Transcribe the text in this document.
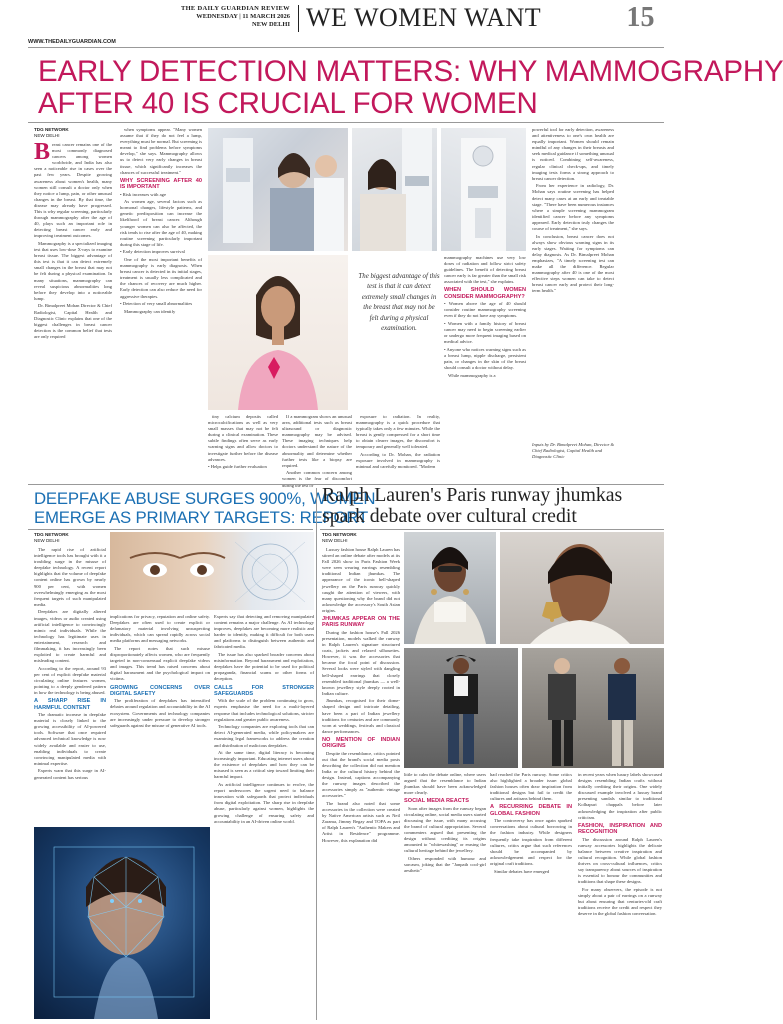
THE DAILY GUARDIAN REVIEW
WEDNESDAY | 11 MARCH 2026
NEW DELHI WE WOMEN WANT	15
WWW.THEDAILYGUARDIAN.COM
EARLY DETECTION MATTERS: WHY MAMMOGRAPHY
AFTER 40 IS CRUCIAL FOR WOMEN
TDG NETWORK
NEW DELHI

Breast cancer remains one of the most commonly diagnosed cancers among women worldwide, and India has also seen a noticeable rise in cases over the past few years. Despite growing awareness about women's health, many women still consult a doctor only when they notice a lump, pain, or other unusual changes in the breast. By that time, the disease may already have progressed. This is why regular screening, particularly through mammography after the age of 40, plays such an important role in detecting breast cancer early and improving treatment outcomes.

Mammography is a specialized imaging test that uses low-dose X-rays to examine breast tissue. The biggest advantage of this test is that it can detect extremely small changes in the breast that may not be felt during a physical examination. In many situations, mammography can reveal suspicious abnormalities long before they develop into a noticeable lump.

Dr. Bimalpreet Mohan Director & Chief Radiologist, Capital Health and Diagnostic Clinic explains that one of the biggest challenges in breast cancer detection is the common belief that tests are only required

when symptoms appear. "Many women assume that if they do not feel a lump, everything must be normal. But screening is meant to find problems before symptoms develop," she says. Mammography allows us to detect very early changes in breast tissue, which significantly increases the chances of successful treatment."

WHY SCREENING AFTER 40 IS IMPORTANT

• Risk increases with age

As women age, several factors such as hormonal changes, lifestyle patterns, and genetic predisposition can increase the likelihood of breast cancer. Although younger women can also be affected, the risk tends to rise after the age of 40, making routine screening particularly important during this stage of life.

• Early detection improves survival

One of the most important benefits of mammography is early diagnosis. When breast cancer is detected in its initial stages, treatment is usually less complicated and the chances of recovery are much higher. Early detection can also reduce the need for aggressive therapies.

• Detection of very small abnormalities

Mammography can identify

tiny calcium deposits called microcalcifications as well as very small masses that may not be felt during a clinical examination. These subtle findings often serve as early warning signs and allow doctors to investigate further before the disease advances.

• Helps guide further evaluation

If a mammogram shows an unusual area, additional tests such as breast ultrasound or diagnostic mammography may be advised. These imaging techniques help doctors understand the nature of the abnormality and determine whether further tests like a biopsy are required.

Another common concern among women is the fear of discomfort during the test or

The biggest advantage of this test is that it can detect extremely small changes in the breast that may not be felt during a physical examination.

exposure to radiation. In reality, mammography is a quick procedure that typically takes only a few minutes. While the breast is gently compressed for a short time to obtain clearer images, the discomfort is temporary and generally well tolerated.

According to Dr. Mohan, the radiation exposure involved in mammography is minimal and carefully monitored. "Modern

mammography machines use very low doses of radiation and follow strict safety guidelines. The benefit of detecting breast cancer early is far greater than the small risk associated with the test," she explains.

WHEN SHOULD WOMEN CONSIDER MAMMOGRAPHY?

• Women above the age of 40 should consider routine mammography screening even if they do not have any symptoms.

• Women with a family history of breast cancer may need to begin screening earlier or undergo more frequent imaging based on medical advice.

• Anyone who notices warning signs such as a breast lump, nipple discharge, persistent pain, or changes in the skin of the breast should consult a doctor without delay.

While mammography is a

powerful tool for early detection, awareness and attentiveness to one's own health are equally important. Women should remain mindful of any changes in their breasts and seek medical guidance if something unusual is noticed. Combining self-awareness, regular clinical check-ups, and timely imaging tests forms a strong approach to breast cancer detection.

From her experience in radiology, Dr. Mohan says routine screening has helped detect many cases at an early and treatable stage. "There have been numerous instances where a simple screening mammogram identified cancer before any symptoms appeared. Early detection truly changes the course of treatment," she says.

In conclusion, breast cancer does not always show obvious warning signs in its early stages. Waiting for symptoms can delay diagnosis. As Dr. Bimalpreet Mohan emphasizes, "A timely screening test can make all the difference. Regular mammography after 40 is one of the most effective steps women can take to detect breast cancer early and protect their long-term health."

Inputs by Dr. Bimalpreet Mohan, Director & Chief Radiologist, Capital Health and Diagnostic Clinic
DEEPFAKE ABUSE SURGES 900%, WOMEN
EMERGE AS PRIMARY TARGETS: REPORT
TDG NETWORK
NEW DELHI

The rapid rise of artificial intelligence tools has brought with it a troubling surge in the misuse of deepfake technology. A recent report highlights that the volume of deepfake content online has grown by nearly 900 per cent, with women overwhelmingly emerging as the most frequent targets of such manipulated media.

Deepfakes are digitally altered images, videos or audio created using artificial intelligence to convincingly mimic real individuals. While the technology has legitimate uses in entertainment, research and filmmaking, it has increasingly been exploited to create harmful and misleading content.

According to the report, around 93 per cent of explicit deepfake material circulating online features women, pointing to a deeply gendered pattern in how the technology is being abused.

A SHARP RISE IN HARMFUL CONTENT

The dramatic increase in deepfake material is closely linked to the growing accessibility of AI-powered tools. Software that once required advanced technical knowledge is now widely available and easier to use, enabling individuals to create convincing manipulated media with minimal expertise.

Experts warn that this surge in AI-generated content has serious

implications for privacy, reputation and online safety. Deepfakes are often used to create explicit or defamatory material involving unsuspecting individuals, which can spread rapidly across social media platforms and messaging networks.

The report notes that such misuse disproportionately affects women, who are frequently targeted in non-consensual explicit deepfake videos and images. This trend has raised concerns about digital harassment and the psychological impact on victims.

GROWING CONCERNS OVER DIGITAL SAFETY

The proliferation of deepfakes has intensified debates around regulation and accountability in the AI ecosystem. Governments and technology companies are increasingly under pressure to develop stronger safeguards against the misuse of generative AI tools.

Experts say that detecting and removing manipulated content remains a major challenge. As AI technology improves, deepfakes are becoming more realistic and harder to identify, making it difficult for both users and platforms to distinguish between authentic and fabricated media.

The issue has also sparked broader concerns about misinformation. Beyond harassment and exploitation, deepfakes have the potential to be used for political propaganda, financial scams or other forms of deception.

CALLS FOR STRONGER SAFEGUARDS

With the scale of the problem continuing to grow, experts emphasise the need for a multi-layered response that includes technological solutions, stricter regulations and greater public awareness.

Technology companies are exploring tools that can detect AI-generated media, while policymakers are examining legal frameworks to address the creation and distribution of malicious deepfakes.

At the same time, digital literacy is becoming increasingly important. Educating internet users about the existence of deepfakes and how they can be misused is seen as a critical step toward limiting their harmful impact.

As artificial intelligence continues to evolve, the report underscores the urgent need to balance innovation with safeguards that protect individuals from digital exploitation. The sharp rise in deepfake abuse, particularly against women, highlights the growing challenge of ensuring safety and accountability in an AI-driven online world.

Ralph Lauren's Paris runway jhumkas
spark debate over cultural credit
TDG NETWORK
NEW DELHI

Luxury fashion house Ralph Lauren has stirred an online debate after models at its Fall 2026 show in Paris Fashion Week were seen wearing earrings resembling traditional Indian jhumkas. The appearance of the iconic bell-shaped jewellery on the Paris runway quickly caught the attention of viewers, with many questioning why the brand did not acknowledge the accessory's South Asian origins.

JHUMKAS APPEAR ON THE PARIS RUNWAY

During the fashion house's Fall 2026 presentation, models walked the runway in Ralph Lauren's signature structured coats, jackets and relaxed silhouettes. However, it was the accessories that became the focal point of discussion. Several looks were styled with dangling bell-shaped earrings that closely resembled traditional jhumkas — a well-known jewellery style deeply rooted in Indian culture.

Jhumkas, recognised for their dome-shaped design and intricate detailing, have been a part of Indian jewellery traditions for centuries and are commonly worn at weddings, festivals and classical dance performances.

NO MENTION OF INDIAN ORIGINS

Despite the resemblance, critics pointed out that the brand's social media posts describing the collection did not mention India or the cultural history behind the design. Instead, captions accompanying the runway images described the accessories simply as "authentic vintage accessories."

The brand also noted that some accessories in the collection were created by Native American artists such as Neil Zarama, Jimmy Begay and TOPA as part of Ralph Lauren's "Authentic Makers and Artist in Residence" programme. However, this explanation did

little to calm the debate online, where users argued that the resemblance to Indian jhumkas should have been acknowledged more clearly.

SOCIAL MEDIA REACTS

Soon after images from the runway began circulating online, social media users started discussing the issue, with many accusing the brand of cultural appropriation. Several commenters argued that presenting the design without crediting its origins amounted to "whitewashing" or erasing the cultural heritage behind the jewellery.

Others responded with humour and sarcasm, joking that the "Janpath cool-girl aesthetic"

had reached the Paris runway. Some critics also highlighted a broader issue: global fashion houses often draw inspiration from traditional designs but fail to credit the cultures and artisans behind them.

A RECURRING DEBATE IN GLOBAL FASHION

The controversy has once again sparked conversations about cultural borrowing in the fashion industry. While designers frequently take inspiration from different cultures, critics argue that such references should be accompanied by acknowledgement and respect for the original craft traditions.

Similar debates have emerged

in recent years when luxury labels showcased designs resembling Indian crafts without initially crediting their origins. One widely discussed example involved a luxury brand presenting sandals similar to traditional Kolhapuri chappals before later acknowledging the inspiration after public criticism.

FASHION, INSPIRATION AND RECOGNITION

The discussion around Ralph Lauren's runway accessories highlights the delicate balance between creative inspiration and cultural recognition. While global fashion thrives on cross-cultural influences, critics say transparency about sources of inspiration is essential to honour the communities and traditions that shape these designs.

For many observers, the episode is not simply about a pair of earrings on a runway but about ensuring that centuries-old craft traditions receive the credit and respect they deserve in the global fashion conversation.
